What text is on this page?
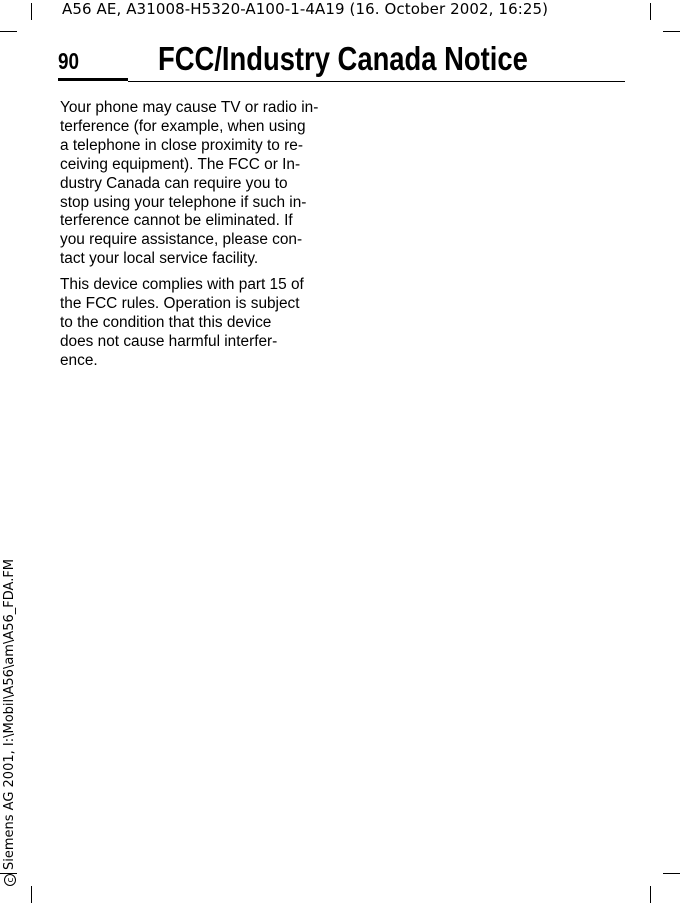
A56 AE, A31008-H5320-A100-1-4A19 (16. October 2002, 16:25)
90 FCC/Industry Canada Notice

Your phone may cause TV or radio in-
terference (for example, when using
a telephone in close proximity to re-
ceiving equipment). The FCC or In-
dustry Canada can require you to
stop using your telephone if such in-
terference cannot be eliminated. If
you require assistance, please con-
tact your local service facility.

This device complies with part 15 of
the FCC rules. Operation is subject
to the condition that this device
does not cause harmful interfer-
ence.

cSiemens AG 2001, I:\Mobil\A56\am\A56_FDA.FM
